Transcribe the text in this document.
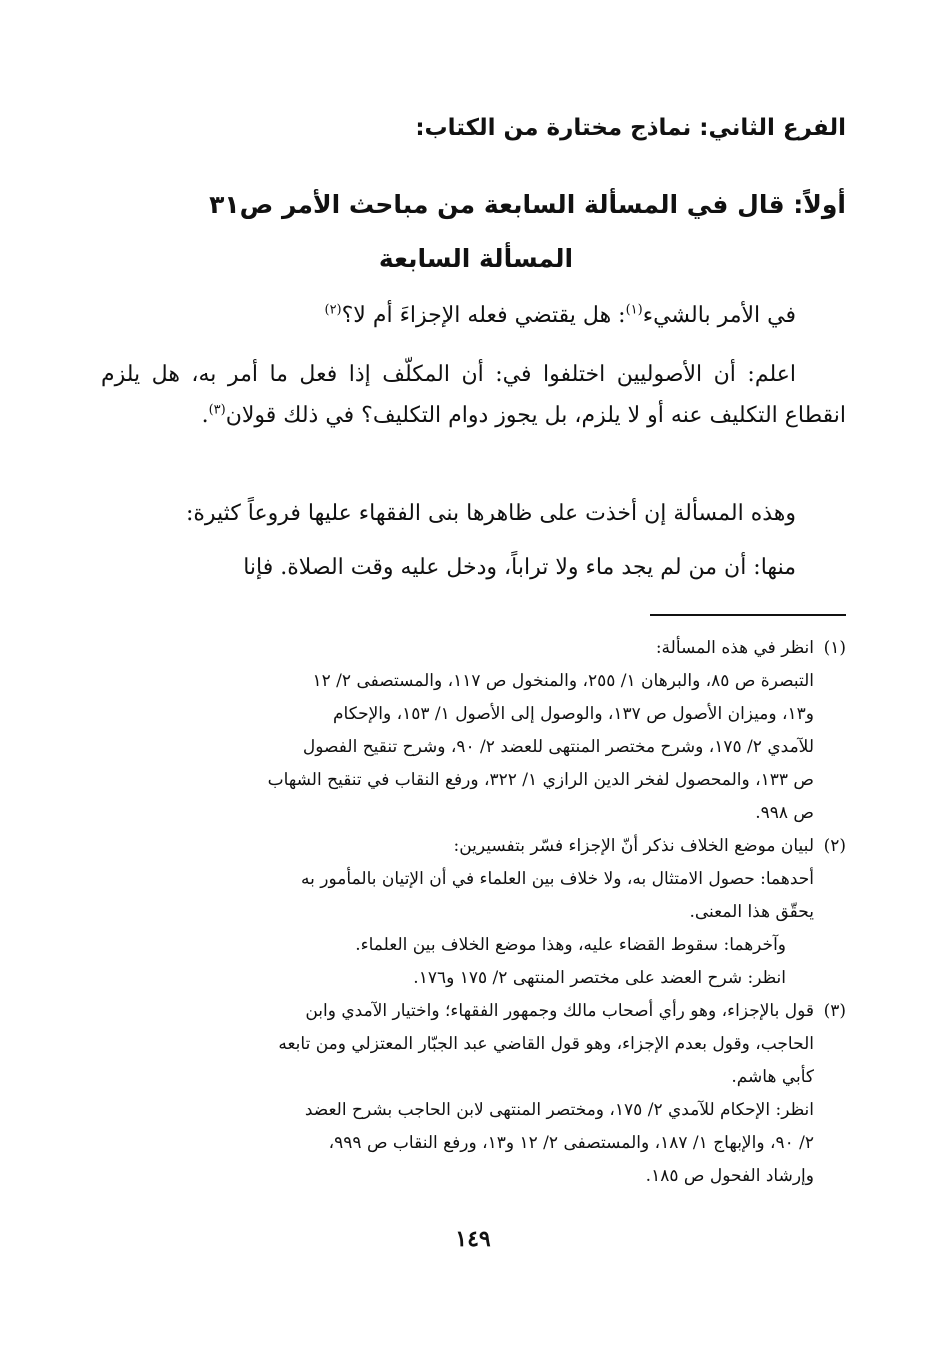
الفرع الثاني: نماذج مختارة من الكتاب:
أولاً: قال في المسألة السابعة من مباحث الأمر ص٣١
المسألة السابعة

في الأمر بالشيء$^{(١)}$: هل يقتضي فعله الإجزاءَ أم لا؟$^{(٢)}$

اعلم: أن الأصوليين اختلفوا في: أن المكلّف إذا فعل ما أمر به، هل يلزم انقطاع التكليف عنه أو لا يلزم، بل يجوز دوام التكليف؟ في ذلك قولان$^{(٣)}$.

وهذه المسألة إن أخذت على ظاهرها بنى الفقهاء عليها فروعاً كثيرة:

منها: أن من لم يجد ماء ولا تراباً، ودخل عليه وقت الصلاة. فإنا

(١)انظر في هذه المسألة:

التبصرة ص ٨٥، والبرهان ١/ ٢٥٥، والمنخول ص ١١٧، والمستصفى ٢/ ١٢

و١٣، وميزان الأصول ص ١٣٧، والوصول إلى الأصول ١/ ١٥٣، والإحكام

للآمدي ٢/ ١٧٥، وشرح مختصر المنتهى للعضد ٢/ ٩٠، وشرح تنقيح الفصول

ص ١٣٣، والمحصول لفخر الدين الرازي ١/ ٣٢٢، ورفع النقاب في تنقيح الشهاب

ص ٩٩٨.

(٢)لبيان موضع الخلاف نذكر أنّ الإجزاء فسّر بتفسيرين:

أحدهما: حصول الامتثال به، ولا خلاف بين العلماء في أن الإتيان بالمأمور به

يحقّق هذا المعنى.

وآخرهما: سقوط القضاء عليه، وهذا موضع الخلاف بين العلماء.

انظر: شرح العضد على مختصر المنتهى ٢/ ١٧٥ و١٧٦.

(٣)قول بالإجزاء، وهو رأي أصحاب مالك وجمهور الفقهاء؛ واختيار الآمدي وابن

الحاجب، وقول بعدم الإجزاء، وهو قول القاضي عبد الجبّار المعتزلي ومن تابعه

كأبي هاشم.

انظر: الإحكام للآمدي ٢/ ١٧٥، ومختصر المنتهى لابن الحاجب بشرح العضد

٢/ ٩٠، والإبهاج ١/ ١٨٧، والمستصفى ٢/ ١٢ و١٣، ورفع النقاب ص ٩٩٩،

وإرشاد الفحول ص ١٨٥.

١٤٩
